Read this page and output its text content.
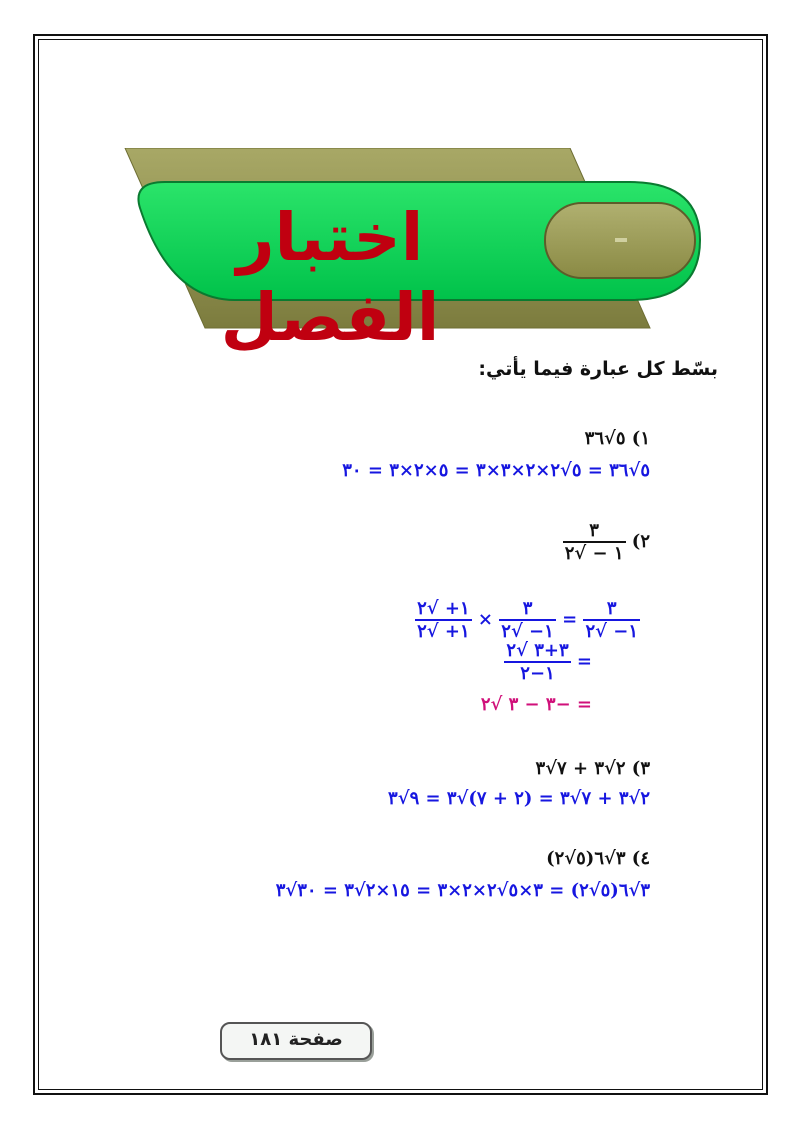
اختبار الفصل
بسّط كل عبارة فيما يأتي:
١) ٥√٣٦
٥√٣٦ = ٥√٢×٢×٣×٣ = ٥×٢×٣ = ٣٠
٢)
$\frac{٣}{١ - √٢}$
$\frac{٣}{١- √٢}$
=
$\frac{٣}{١- √٢}$
×
$\frac{١+ √٢}{١+ √٢}$
=
$\frac{٣+٣ √٢}{١-٢}$
= −٣ − ٣ √٢
٣) ٢√٣ + ٧√٣
٢√٣ + ٧√٣ = (٢ + ٧)√٣ = ٩√٣
٤) ٣√٦(٥√٢)
٣√٦(٥√٢) = ٣×٥√٢×٢×٣ = ١٥×٢√٣ = ٣٠√٣
صفحة ١٨١
